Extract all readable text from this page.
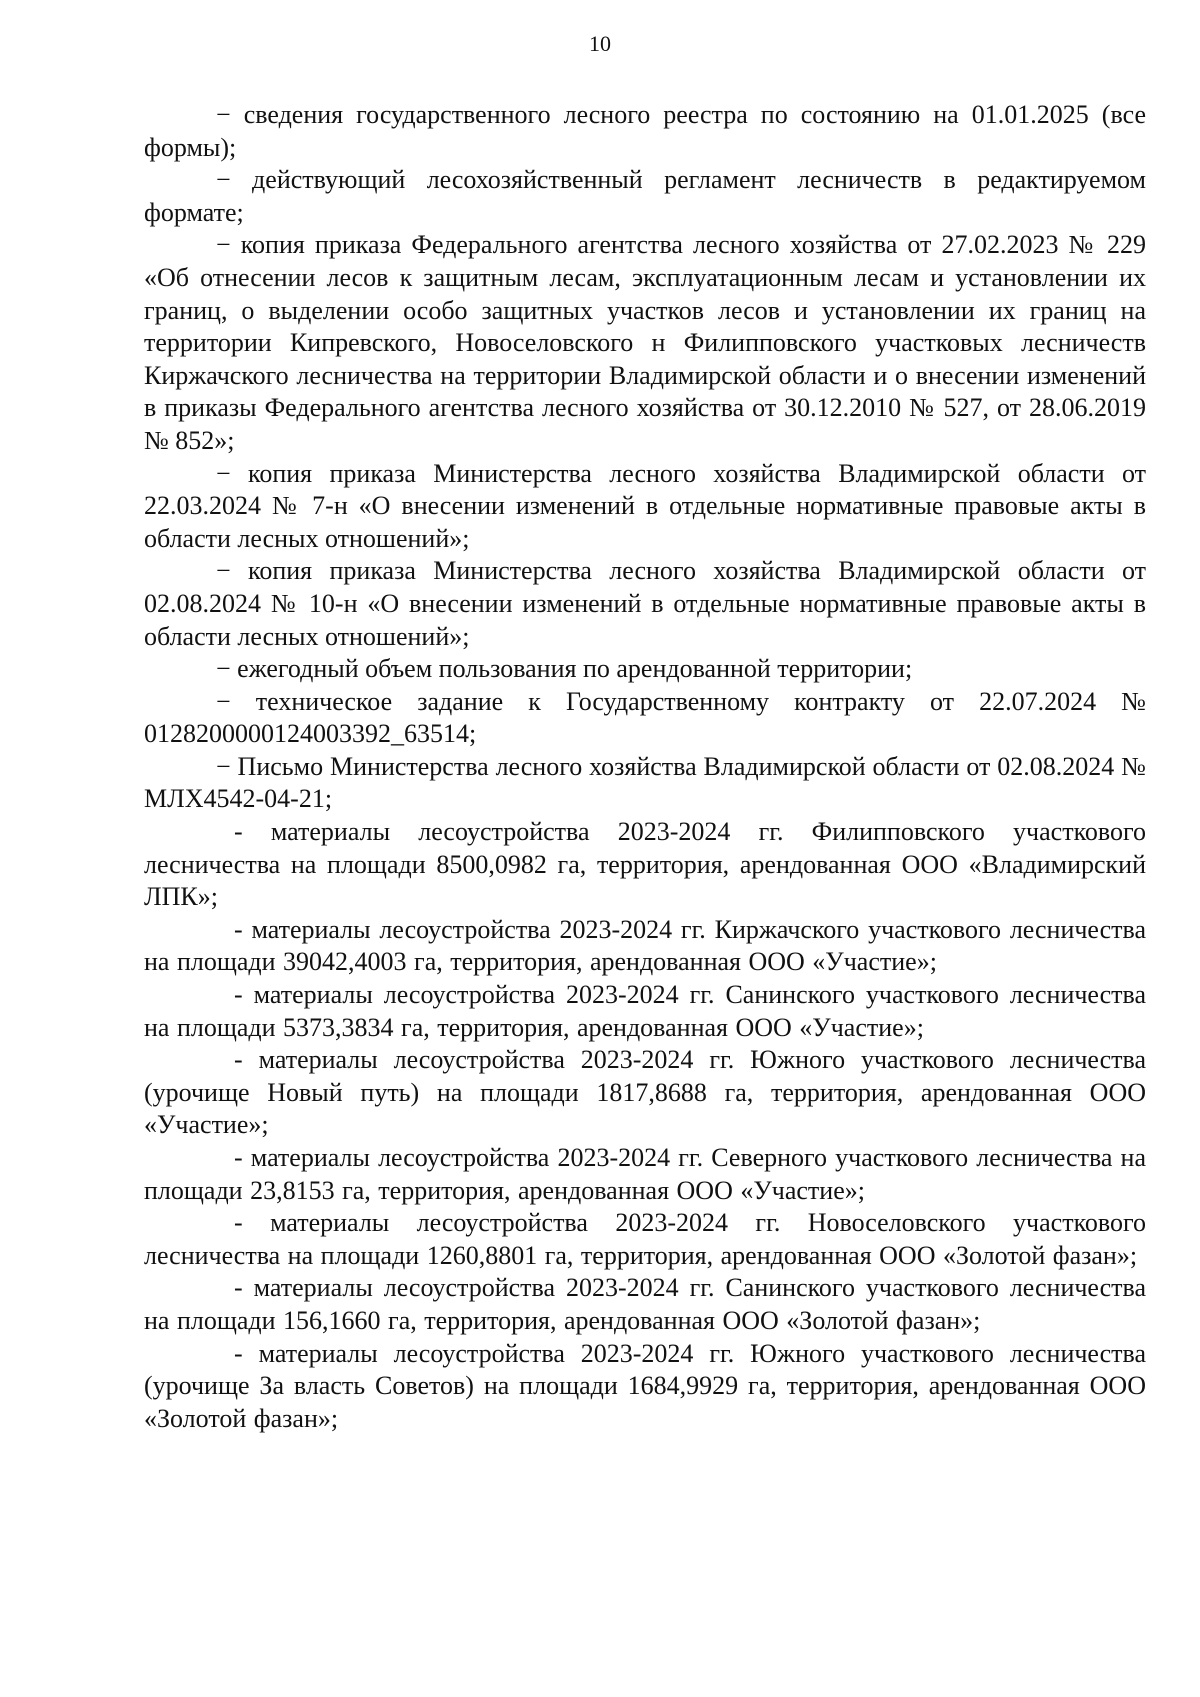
10

− сведения государственного лесного реестра по состоянию на 01.01.2025 (все формы);

− действующий лесохозяйственный регламент лесничеств в редактируемом формате;

− копия приказа Федерального агентства лесного хозяйства от 27.02.2023 № 229 «Об отнесении лесов к защитным лесам, эксплуатационным лесам и установлении их границ, о выделении особо защитных участков лесов и установлении их границ на территории Кипревского, Новоселовского н Филипповского участковых лесничеств Киржачского лесничества на территории Владимирской области и о внесении изменений в приказы Федерального агентства лесного хозяйства от 30.12.2010 № 527, от 28.06.2019 № 852»;

− копия приказа Министерства лесного хозяйства Владимирской области от 22.03.2024 № 7-н «О внесении изменений в отдельные нормативные правовые акты в области лесных отношений»;

− копия приказа Министерства лесного хозяйства Владимирской области от 02.08.2024 № 10-н «О внесении изменений в отдельные нормативные правовые акты в области лесных отношений»;

− ежегодный объем пользования по арендованной территории;

− техническое задание к Государственному контракту от 22.07.2024 № 0128200000124003392_63514;

− Письмо Министерства лесного хозяйства Владимирской области от 02.08.2024 № МЛХ4542-04-21;

- материалы лесоустройства 2023-2024 гг. Филипповского участкового лесничества на площади 8500,0982 га, территория, арендованная ООО «Владимирский ЛПК»;

- материалы лесоустройства 2023-2024 гг. Киржачского участкового лесничества на площади 39042,4003 га, территория, арендованная ООО «Участие»;

- материалы лесоустройства 2023-2024 гг. Санинского участкового лесничества на площади 5373,3834 га, территория, арендованная ООО «Участие»;

- материалы лесоустройства 2023-2024 гг. Южного участкового лесничества (урочище Новый путь) на площади 1817,8688 га, территория, арендованная ООО «Участие»;

- материалы лесоустройства 2023-2024 гг. Северного участкового лесничества на площади 23,8153 га, территория, арендованная ООО «Участие»;

- материалы лесоустройства 2023-2024 гг. Новоселовского участкового лесничества на площади 1260,8801 га, территория, арендованная ООО «Золотой фазан»;

- материалы лесоустройства 2023-2024 гг. Санинского участкового лесничества на площади 156,1660 га, территория, арендованная ООО «Золотой фазан»;

- материалы лесоустройства 2023-2024 гг. Южного участкового лесничества (урочище За власть Советов) на площади 1684,9929 га, территория, арендованная ООО «Золотой фазан»;
